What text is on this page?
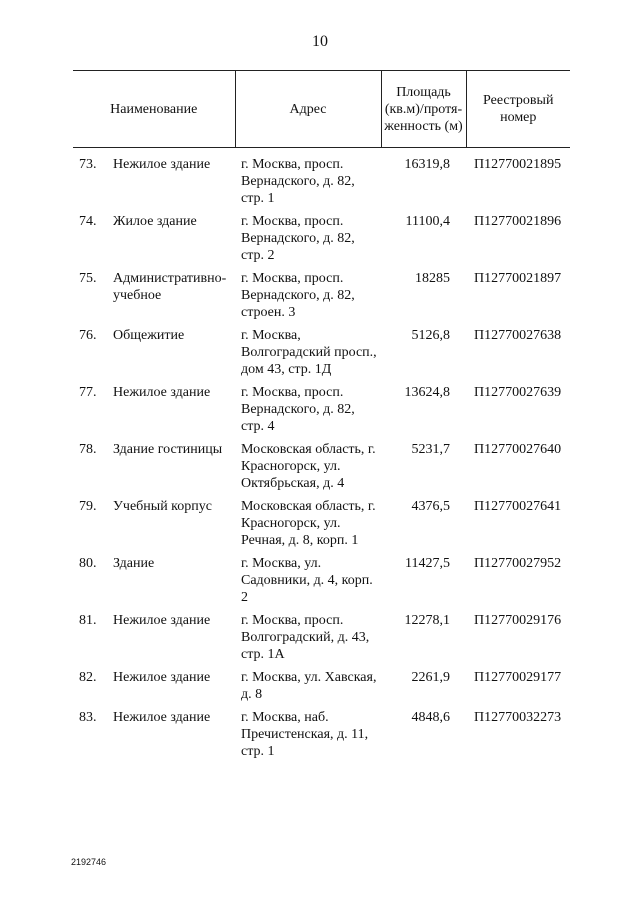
10
Наименование	Адрес	Площадь (кв.м)/протя-женность (м)	Реестровый номер

73. Нежилое здание	г. Москва, просп. Вернадского, д. 82, стр. 1	16319,8	П12770021895

74. Жилое здание	г. Москва, просп. Вернадского, д. 82, стр. 2	11100,4	П12770021896

75. Административно-учебное	г. Москва, просп. Вернадского, д. 82, строен. 3	18285	П12770021897

76. Общежитие	г. Москва, Волгоградский просп., дом 43, стр. 1Д	5126,8	П12770027638

77. Нежилое здание	г. Москва, просп. Вернадского, д. 82, стр. 4	13624,8	П12770027639

78. Здание гостиницы	Московская область, г. Красногорск, ул. Октябрьская, д. 4	5231,7	П12770027640

79. Учебный корпус	Московская область, г. Красногорск, ул. Речная, д. 8, корп. 1	4376,5	П12770027641

80. Здание	г. Москва, ул. Садовники, д. 4, корп. 2	11427,5	П12770027952

81. Нежилое здание	г. Москва, просп. Волгоградский, д. 43, стр. 1А	12278,1	П12770029176

82. Нежилое здание	г. Москва, ул. Хавская, д. 8	2261,9	П12770029177

83. Нежилое здание	г. Москва, наб. Пречистенская, д. 11, стр. 1	4848,6	П12770032273
2192746
